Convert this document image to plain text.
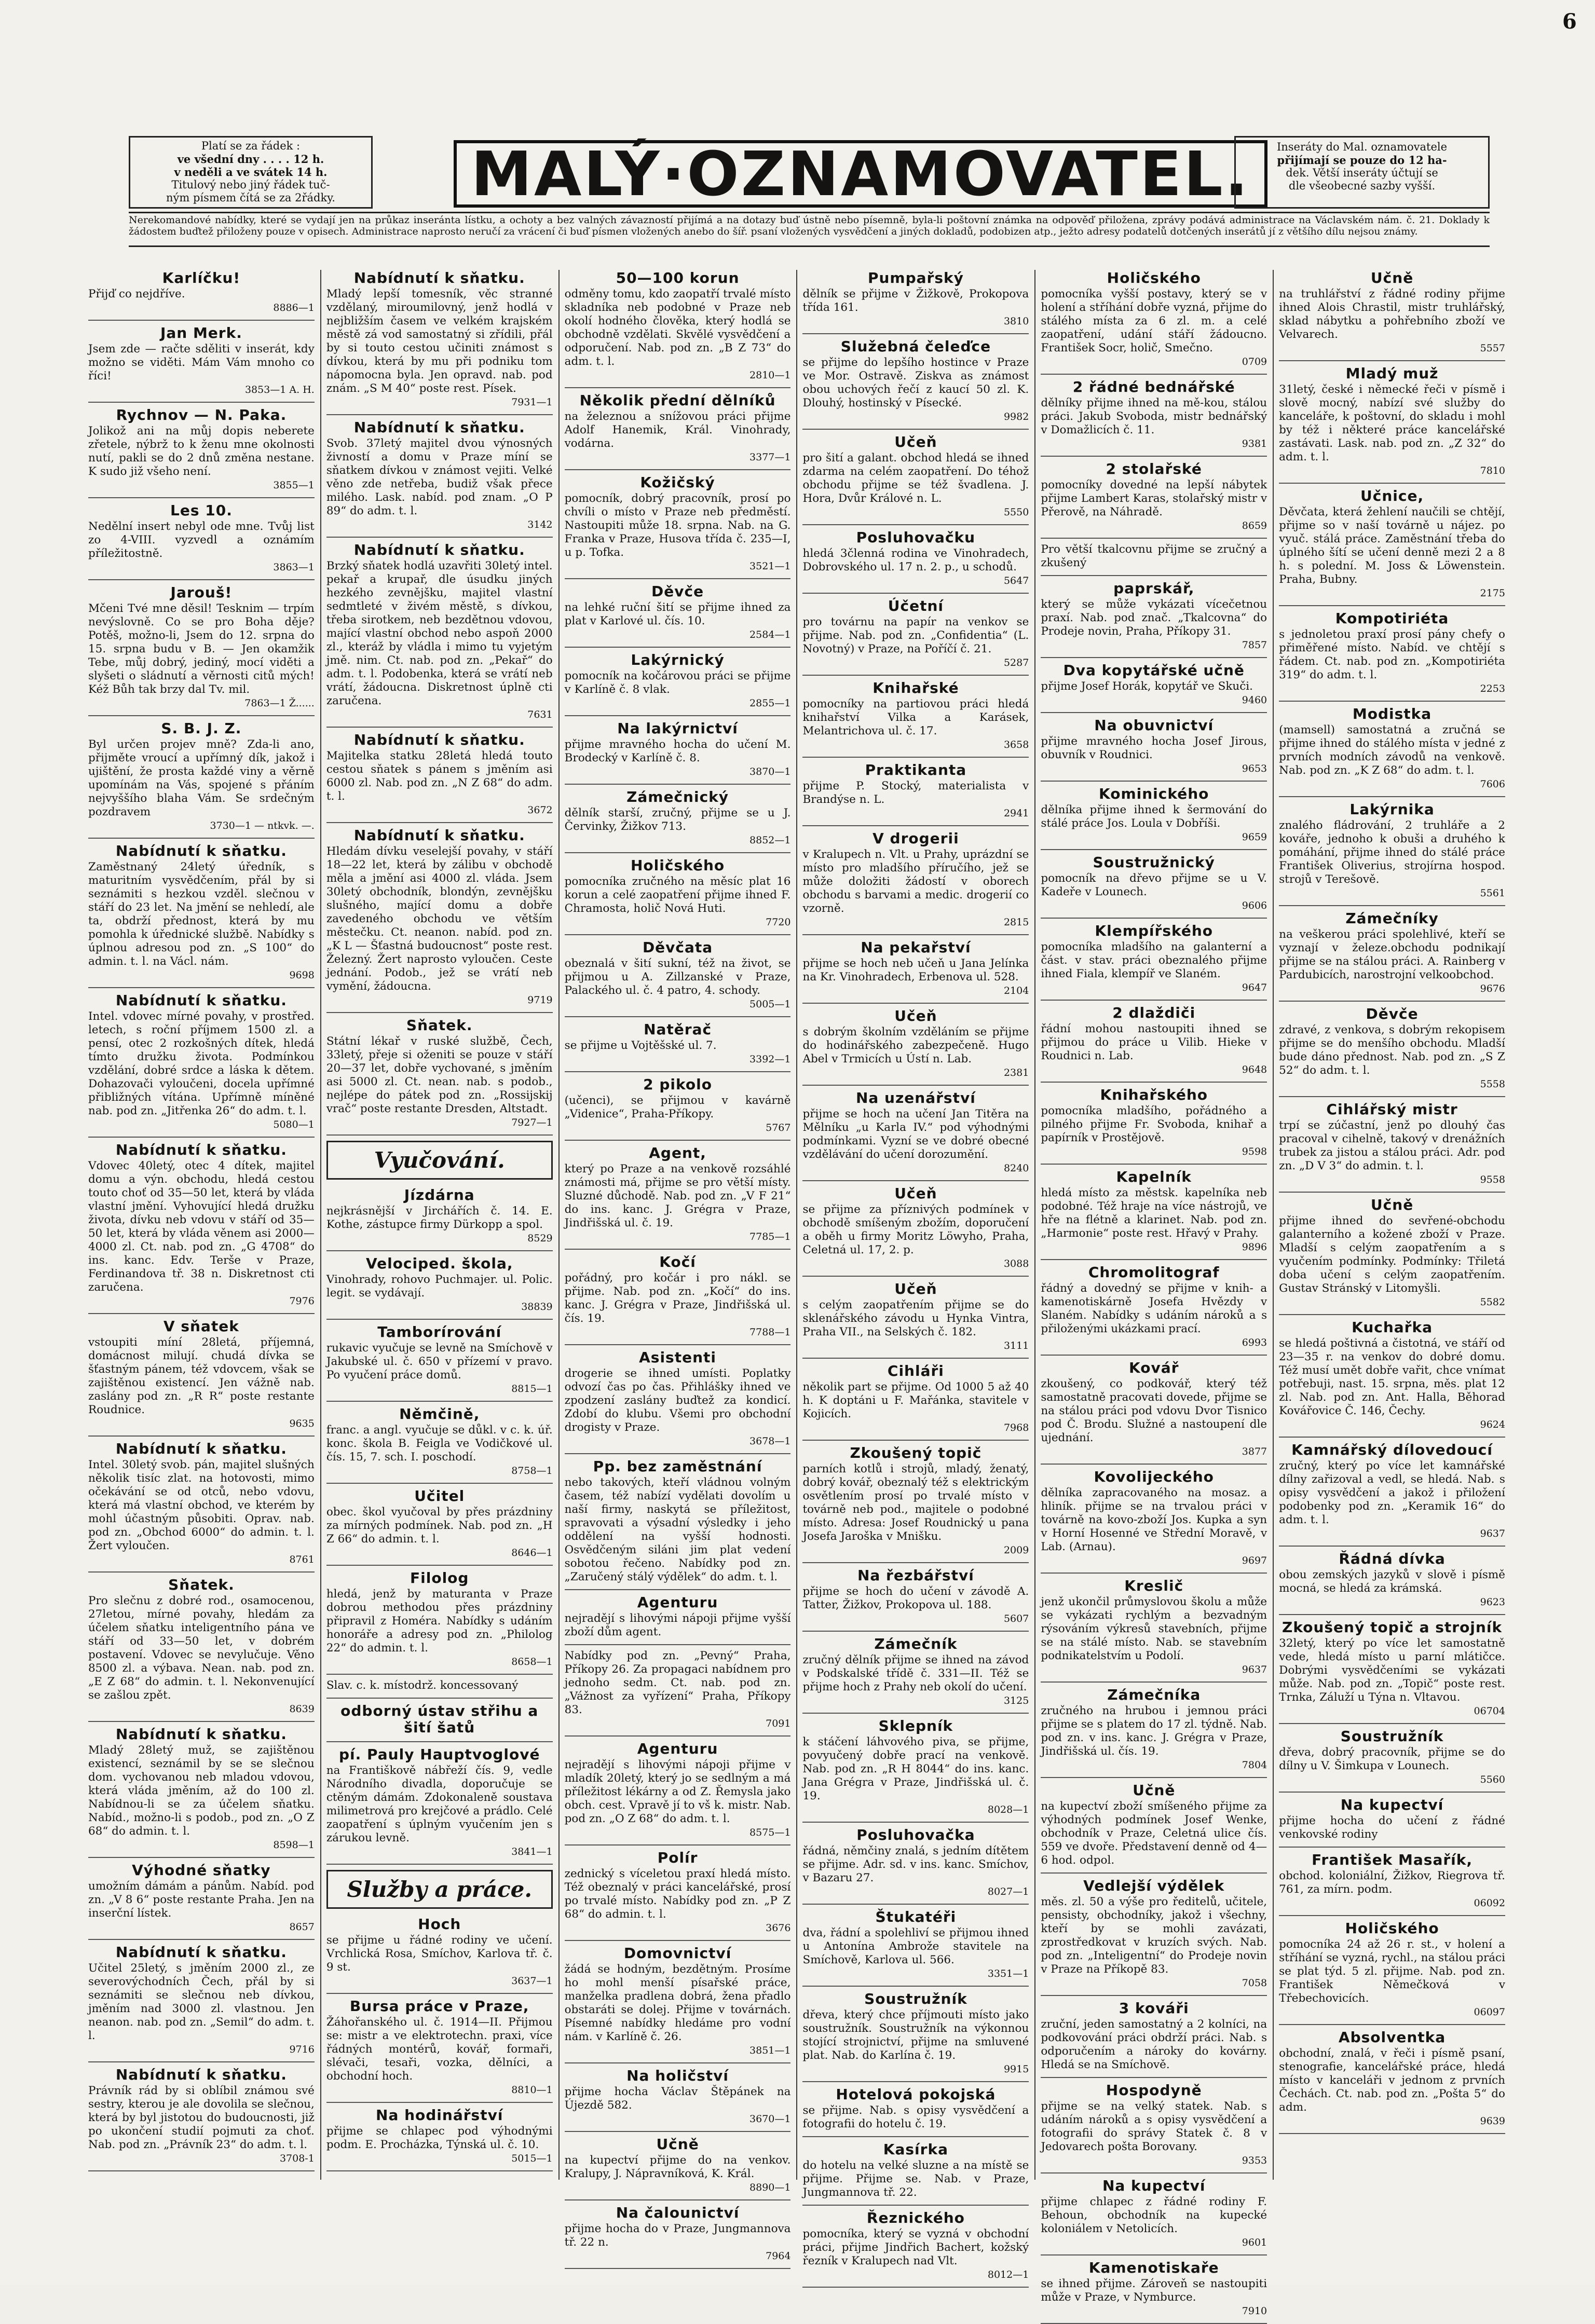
6
Platí se za řádek :
ve všední dny . . . . 12 h.
v neděli a ve svátek 14 h.
Titulový nebo jiný řádek tuč-
ným písmem čítá se za 2řádky.	MALÝ·OZNAMOVATEL.	Inseráty do Mal. oznamovatele
přijímají se pouze do 12 ha-
dek. Větší inseráty účtují se
dle všeobecné sazby vyšší.
Nerekomandové nabídky, které se vydají jen na průkaz inseránta lístku, a ochoty a bez valných závazností přijímá a na dotazy buď ústně nebo písemně, byla-li poštovní známka na odpověď přiložena, zprávy podává administrace na Václavském nám. č. 21. Doklady k žádostem buďtež přiloženy pouze v opisech. Administrace naprosto neručí za vrácení či buď písmen vložených anebo do šíř. psaní vložených vysvědčení a jiných dokladů, podobizen atp., ježto adresy podatelů dotčených inserátů jí z většího dílu nejsou známy.
Karlíčku!
Přijď co nejdříve.
8886—1
Jan Merk.
Jsem zde — račte sděliti v inserát, kdy možno se viděti. Mám Vám mnoho co říci!
3853—1 A. H.
Rychnov — N. Paka.
Jolikož ani na můj dopis neberete zřetele, nýbrž to k ženu mne okolnosti nutí, pakli se do 2 dnů změna nestane. K sudo již všeho není.
3855—1
Les 10.
Nedělní insert nebyl ode mne. Tvůj list zo 4-VIII. vyzvedl a oznámím příležitostně.
3863—1
Jarouš!
Mčeni Tvé mne děsil! Tesknim — trpím nevýslovně. Co se pro Boha děje? Potěš, možno-li, Jsem do 12. srpna do 15. srpna budu v B. — Jen okamžik Tebe, můj dobrý, jediný, mocí viděti a slyšeti o sládnutí a věrnosti citů mých! Kéž Bůh tak brzy dal Tv. mil.
7863—1 Ž......
S. B. J. Z.
Byl určen projev mně? Zda-li ano, přijměte vroucí a upřímný dík, jakož i ujištění, že prosta každé viny a věrně upomínám na Vás, spojené s přáním nejvyššího blaha Vám. Se srdečným pozdravem
3730—1 — ntkvk. —.
Nabídnutí k sňatku.
Zaměstnaný 24letý úředník, s maturitním vysvědčením, přál by si seznámiti s hezkou vzděl. slečnou v stáří do 23 let. Na jmění se nehledí, ale ta, obdrží přednost, která by mu pomohla k úřednické službě. Nabídky s úplnou adresou pod zn. „S 100“ do admin. t. l. na Václ. nám.
9698
Nabídnutí k sňatku.
Intel. vdovec mírné povahy, v prostřed. letech, s roční příjmem 1500 zl. a pensí, otec 2 rozkošných dítek, hledá tímto družku života. Podmínkou vzdělání, dobré srdce a láska k dětem. Dohazovači vyloučeni, docela upřímné přibližných vítána. Upřímně míněné nab. pod zn. „Jitřenka 26“ do adm. t. l.
5080—1
Nabídnutí k sňatku.
Vdovec 40letý, otec 4 dítek, majitel domu a výn. obchodu, hledá cestou touto choť od 35—50 let, která by vláda vlastní jmění. Vyhovující hledá družku života, dívku neb vdovu v stáří od 35—50 let, která by vláda věnem asi 2000—4000 zl. Ct. nab. pod zn. „G 4708“ do ins. kanc. Edv. Terše v Praze, Ferdinandova tř. 38 n. Diskretnost cti zaručena.
7976
V sňatek
vstoupiti míní 28letá, příjemná, domácnost milují. chudá dívka se šťastným pánem, též vdovcem, však se zajištěnou existencí. Jen vážně nab. zaslány pod zn. „R R“ poste restante Roudnice.
9635
Nabídnutí k sňatku.
Intel. 30letý svob. pán, majitel slušných několik tisíc zlat. na hotovosti, mimo očekávání se od otců, nebo vdovu, která má vlastní obchod, ve kterém by mohl účastným působiti. Oprav. nab. pod zn. „Obchod 6000“ do admin. t. l. Žert vyloučen.
8761
Sňatek.
Pro slečnu z dobré rod., osamocenou, 27letou, mírné povahy, hledám za účelem sňatku inteligentního pána ve stáří od 33—50 let, v dobrém postavení. Vdovec se nevylučuje. Věno 8500 zl. a výbava. Nean. nab. pod zn. „E Z 68“ do admin. t. l. Nekonvenující se zašlou zpět.
8639
Nabídnutí k sňatku.
Mladý 28letý muž, se zajištěnou existencí, seznámil by se se slečnou dom. vychovanou neb mladou vdovou, která vláda jměním, až do 100 zl. Nabídnou-li se za účelem sňatku. Nabíd., možno-li s podob., pod zn. „O Z 68“ do admin. t. l.
8598—1
Výhodné sňatky
umožním dámám a pánům. Nabíd. pod zn. „V 8 6“ poste restante Praha. Jen na inserční lístek.
8657
Nabídnutí k sňatku.
Učitel 25letý, s jměním 2000 zl., ze severovýchodních Čech, přál by si seznámiti se slečnou neb dívkou, jměním nad 3000 zl. vlastnou. Jen neanon. nab. pod zn. „Semil“ do adm. t. l.
9716
Nabídnutí k sňatku.
Právník rád by si oblíbil známou své sestry, kterou je ale dovolila se slečnou, která by byl jistotou do budoucnosti, již po ukončení studií pojmuti za choť. Nab. pod zn. „Právník 23“ do adm. t. l.
3708-1
Nabídnutí k sňatku.
Mladý lepší tomesník, věc stranné vzdělaný, miroumilovný, jenž hodlá v nejbližším časem ve velkém krajském městě zá vod samostatný si zřídili, přál by si touto cestou učiniti známost s dívkou, která by mu při podniku tom nápomocna byla. Jen opravd. nab. pod znám. „S M 40“ poste rest. Písek.
7931—1
Nabídnutí k sňatku.
Svob. 37letý majitel dvou výnosných živností a domu v Praze míní se sňatkem dívkou v známost vejiti. Velké věno zde netřeba, budiž však přece milého. Lask. nabíd. pod znam. „O P 89“ do adm. t. l.
3142
Nabídnutí k sňatku.
Brzký sňatek hodlá uzavřiti 30letý intel. pekař a krupař, dle úsudku jiných hezkého zevnějšku, majitel vlastní sedmtleté v živém městě, s dívkou, třeba sirotkem, neb bezdětnou vdovou, mající vlastní obchod nebo aspoň 2000 zl., kteráž by vládla i mimo tu vyjetým jmě. nim. Ct. nab. pod zn. „Pekař“ do adm. t. l. Podobenka, která se vrátí neb vrátí, žádoucna. Diskretnost úplně cti zaručena.
7631
Nabídnutí k sňatku.
Majitelka statku 28letá hledá touto cestou sňatek s pánem s jměním asi 6000 zl. Nab. pod zn. „N Z 68“ do adm. t. l.
3672
Nabídnutí k sňatku.
Hledám dívku veselejší povahy, v stáří 18—22 let, která by zálibu v obchodě měla a jmění asi 4000 zl. vláda. Jsem 30letý obchodník, blondýn, zevnějšku slušného, mající domu a dobře zavedeného obchodu ve větším městečku. Ct. neanon. nabíd. pod zn. „K L — Šťastná budoucnost“ poste rest. Železný. Žert naprosto vyloučen. Ceste jednání. Podob., jež se vrátí neb vymění, žádoucna.
9719
Sňatek.
Státní lékař v ruské službě, Čech, 33letý, přeje si oženiti se pouze v stáří 20—37 let, dobře vychované, s jměním asi 5000 zl. Ct. nean. nab. s podob., nejlépe do pátek pod zn. „Rossijskij vrač“ poste restante Dresden, Altstadt.
7927—1
Vyučování.
Jízdárna
nejkrásnější v Jirchářích č. 14. E. Kothe, zástupce firmy Dürkopp a spol.
8529
Velociped. škola,
Vinohrady, rohovo Puchmajer. ul. Polic. legit. se vydávají.
38839
Tamborírování
rukavic vyučuje se levně na Smíchově v Jakubské ul. č. 650 v přízemí v pravo. Po vyučení práce domů.
8815—1
Němčině,
franc. a angl. vyučuje se důkl. v c. k. úř. konc. škola B. Feigla ve Vodičkové ul. čís. 15, 7. sch. I. poschodí.
8758—1
Učitel
obec. škol vyučoval by přes prázdniny za mírných podmínek. Nab. pod zn. „H Z 66“ do admin. t. l.
8646—1
Filolog
hledá, jenž by maturanta v Praze dobrou methodou přes prázdniny připravil z Homéra. Nabídky s udáním honoráře a adresy pod zn. „Philolog 22“ do admin. t. l.
8658—1
Slav. c. k. místodrž. koncessovaný
odborný ústav střihu a šití šatů
pí. Pauly Hauptvoglové
na Františkově nábřeží čís. 9, vedle Národního divadla, doporučuje se ctěným dámám. Zdokonaleně soustava milimetrová pro krejčové a prádlo. Celé zaopatření s úplným vyučením jen s zárukou levně.
3841—1
Služby a práce.
Hoch
se přijme u řádné rodiny ve učení. Vrchlická Rosa, Smíchov, Karlova tř. č. 9 st.
3637—1
Bursa práce v Praze,
Žáhořanského ul. č. 1914—II. Přijmou se: mistr a ve elektrotechn. praxi, více řádných montérů, kovář, formaři, slévači, tesaři, vozka, dělníci, a obchodní hoch.
8810—1
Na hodinářství
přijme se chlapec pod výhodnými podm. E. Procházka, Týnská ul. č. 10.
5015—1
50—100 korun
odměny tomu, kdo zaopatří trvalé místo skladníka neb podobné v Praze neb okolí hodného člověka, který hodlá se obchodně vzdělati. Skvělé vysvědčení a odporučení. Nab. pod zn. „B Z 73“ do adm. t. l.
2810—1
Několik přední dělníků
na železnou a snížovou práci přijme Adolf Hanemik, Král. Vinohrady, vodárna.
3377—1
Kožičský
pomocník, dobrý pracovník, prosí po chvíli o místo v Praze neb předměstí. Nastoupiti může 18. srpna. Nab. na G. Franka v Praze, Husova třída č. 235—I, u p. Tofka.
3521—1
Děvče
na lehké ruční šití se přijme ihned za plat v Karlové ul. čís. 10.
2584—1
Lakýrnický
pomocník na kočárovou práci se přijme v Karlíně č. 8 vlak.
2855—1
Na lakýrnictví
přijme mravného hocha do učení M. Brodecký v Karlíně č. 8.
3870—1
Zámečnický
dělník starší, zručný, přijme se u J. Červinky, Žižkov 713.
8852—1
Holičského
pomocníka zručného na měsíc plat 16 korun a celé zaopatření přijme ihned F. Chramosta, holič Nová Huti.
7720
Děvčata
obeznalá v šití sukní, též na život, se přijmou u A. Zillzanské v Praze, Palackého ul. č. 4 patro, 4. schody.
5005—1
Natěrač
se přijme u Vojtěšské ul. 7.
3392—1
2 pikolo
(učenci), se přijmou v kavárně „Videnice“, Praha-Příkopy.
5767
Agent,
který po Praze a na venkově rozsáhlé známosti má, přijme se pro větší místy. Sluzné důchodě. Nab. pod zn. „V F 21“ do ins. kanc. J. Grégra v Praze, Jindřišská ul. č. 19.
7785—1
Kočí
pořádný, pro kočár i pro nákl. se přijme. Nab. pod zn. „Kočí“ do ins. kanc. J. Grégra v Praze, Jindřišská ul. čís. 19.
7788—1
Asistenti
drogerie se ihned umísti. Poplatky odvozí čas po čas. Přihlášky ihned ve zpodzení zaslány buďtež za kondicí. Zdobí do klubu. Všemi pro obchodní drogisty v Praze.
3678—1
Pp. bez zaměstnání
nebo takových, kteří vládnou volným časem, též nabízí vydělati dovolím u naší firmy, naskytá se příležitost, spravovati a výsadní výsledky i jeho oddělení na vyšší hodnosti. Osvědčeným siláni jim plat vedení sobotou řečeno. Nabídky pod zn. „Zaručený stálý výdělek“ do adm. t. l.
Agenturu
nejradějí s lihovými nápoji přijme vyšší zboží dům agent.
Nabídky pod zn. „Pevný“ Praha, Příkopy 26. Za propagaci nabídnem pro jednoho sedm. Ct. nab. pod zn. „Vážnost za vyřízení“ Praha, Příkopy 83.
7091
Agenturu
nejradějí s lihovými nápoji přijme v mladík 20letý, který jo se sedlným a má příležitost lékárny a od Z. Řemysla jako obch. cest. Vpravě jí to vš k. mistr. Nab. pod zn. „O Z 68“ do adm. t. l.
8575—1
Polír
zednický s víceletou praxí hledá místo. Též obeznalý v práci kancelářské, prosí po trvalé místo. Nabídky pod zn. „P Z 68“ do admin. t. l.
3676
Domovnictví
žádá se hodným, bezdětným. Prosíme ho mohl menší písařské práce, manželka pradlena dobrá, žena přadlo obstaráti se dolej. Přijme v továrnách. Písemné nabídky hledáme pro vodní nám. v Karlíně č. 26.
3851—1
Na holičství
přijme hocha Václav Štěpánek na Újezdě 582.
3670—1
Učně
na kupectví přijme do na venkov. Kralupy, J. Nápravníková, K. Král.
8890—1
Na čalounictví
přijme hocha do v Praze, Jungmannova tř. 22 n.
7964
Pumpařský
dělník se přijme v Žižkově, Prokopova třída 161.
3810
Služebná čeleďce
se přijme do lepšího hostince v Praze ve Mor. Ostravě. Ziskva as známost obou uchových řečí z kaucí 50 zl. K. Dlouhý, hostinský v Písecké.
9982
Učeň
pro šití a galant. obchod hledá se ihned zdarma na celém zaopatření. Do téhož obchodu přijme se též švadlena. J. Hora, Dvůr Králové n. L.
5550
Posluhovačku
hledá 3členná rodina ve Vinohradech, Dobrovského ul. 17 n. 2. p., u schodů.
5647
Účetní
pro továrnu na papír na venkov se přijme. Nab. pod zn. „Confidentia“ (L. Novotný) v Praze, na Poříčí č. 21.
5287
Knihařské
pomocníky na partiovou práci hledá knihařství Vilka a Karásek, Melantrichova ul. č. 17.
3658
Praktikanta
přijme P. Stocký, materialista v Brandýse n. L.
2941
V drogerii
v Kralupech n. Vlt. u Prahy, uprázdní se místo pro mladšího příručího, jež se může doložiti žádostí v oborech obchodu s barvami a medic. drogerií co vzorně.
2815
Na pekařství
přijme se hoch neb učeň u Jana Jelínka na Kr. Vinohradech, Erbenova ul. 528.
2104
Učeň
s dobrým školním vzděláním se přijme do hodinářského zabezpečeně. Hugo Abel v Trmicích u Ústí n. Lab.
2381
Na uzenářství
přijme se hoch na učení Jan Titěra na Mělníku „u Karla IV.“ pod výhodnými podmínkami. Vyzní se ve dobré obecné vzdělávání do učení dorozumění.
8240
Učeň
se přijme za příznivých podmínek v obchodě smíšeným zbožím, doporučení a oběh u firmy Moritz Löwyho, Praha, Celetná ul. 17, 2. p.
3088
Učeň
s celým zaopatřením přijme se do sklenářského závodu u Hynka Vintra, Praha VII., na Selských č. 182.
3111
Cihláři
několik part se přijme. Od 1000 5 až 40 h. K doptáni u F. Mařánka, stavitele v Kojicích.
7968
Zkoušený topič
parních kotlů i strojů, mladý, ženatý, dobrý kovář, obeznalý též s elektrickým osvětlením prosí po trvalé místo v továrně neb pod., majitele o podobné místo. Adresa: Josef Roudnický u pana Josefa Jaroška v Mnišku.
2009
Na řezbářství
přijme se hoch do učení v závodě A. Tatter, Žižkov, Prokopova ul. 188.
5607
Zámečník
zručný dělník přijme se ihned na závod v Podskalské třídě č. 331—II. Též se přijme hoch z Prahy neb okolí do učení.
3125
Sklepník
k stáčení láhvového piva, se přijme, povyučený dobře prací na venkově. Nab. pod zn. „R H 8044“ do ins. kanc. Jana Grégra v Praze, Jindřišská ul. č. 19.
8028—1
Posluhovačka
řádná, němčiny znalá, s jedním dítětem se přijme. Adr. sd. v ins. kanc. Smíchov, v Bazaru 27.
8027—1
Štukatéři
dva, řádní a spolehliví se přijmou ihned u Antonína Ambrože stavitele na Smíchově, Karlova ul. 566.
3351—1
Soustružník
dřeva, který chce příjmouti místo jako soustružník. Soustružník na výkonnou stojící strojnictví, přijme na smluvené plat. Nab. do Karlína č. 19.
9915
Hotelová pokojská
se přijme. Nab. s opisy vysvědčení a fotografii do hotelu č. 19.
Kasírka
do hotelu na velké sluzne a na místě se přijme. Přijme se. Nab. v Praze, Jungmannova tř. 22.
Řeznického
pomocníka, který se vyzná v obchodní práci, přijme Jindřich Bachert, kožský řezník v Kralupech nad Vlt.
8012—1
Holičského
pomocníka vyšší postavy, který se v holení a stříhání dobře vyzná, přijme do stálého místa za 6 zl. m. a celé zaopatření, udání stáří žádoucno. František Socr, holič, Smečno.
0709
2 řádné bednářské
dělníky přijme ihned na mě-kou, stálou práci. Jakub Svoboda, mistr bednářský v Domažlicích č. 11.
9381
2 stolařské
pomocníky dovedné na lepší nábytek přijme Lambert Karas, stolařský mistr v Přerově, na Náhradě.
8659
Pro větší tkalcovnu přijme se zručný a zkušený
paprskář,
který se může vykázati vícečetnou praxí. Nab. pod znač. „Tkalcovna“ do Prodeje novin, Praha, Příkopy 31.
7857
Dva kopytářské učně
přijme Josef Horák, kopytář ve Skuči.
9460
Na obuvnictví
přijme mravného hocha Josef Jirous, obuvník v Roudnici.
9653
Kominického
dělníka přijme ihned k šermování do stálé práce Jos. Loula v Dobříši.
9659
Soustružnický
pomocník na dřevo přijme se u V. Kadeře v Lounech.
9606
Klempířského
pomocníka mladšího na galanterní a část. v stav. práci obeznalého přijme ihned Fiala, klempíř ve Slaném.
9647
2 dlaždiči
řádní mohou nastoupiti ihned se přijmou do práce u Vilib. Hieke v Roudnici n. Lab.
9648
Knihařského
pomocníka mladšího, pořádného a pilného přijme Fr. Svoboda, knihař a papírník v Prostějově.
9598
Kapelník
hledá místo za městsk. kapelníka neb podobné. Též hraje na více nástrojů, ve hře na flétně a klarinet. Nab. pod zn. „Harmonie“ poste rest. Hřavý v Prahy.
9896
Chromolitograf
řádný a dovedný se přijme v knih- a kamenotiskárně Josefa Hvězdy v Slaném. Nabídky s udáním nároků a s přiloženými ukázkami prací.
6993
Kovář
zkoušený, co podkovář, který též samostatně pracovati dovede, přijme se na stálou práci pod vdovu Dvor Tisnico pod Č. Brodu. Služné a nastoupení dle ujednání.
3877
Kovolijeckého
dělníka zapracovaného na mosaz. a hliník. přijme se na trvalou práci v továrně na kovo-zboží Jos. Kupka a syn v Horní Hosenné ve Střední Moravě, v Lab. (Arnau).
9697
Kreslič
jenž ukončil průmyslovou školu a může se vykázati rychlým a bezvadným rýsováním výkresů stavebních, přijme se na stálé místo. Nab. se stavebním podnikatelstvím u Podolí.
9637
Zámečníka
zručného na hrubou i jemnou práci přijme se s platem do 17 zl. týdně. Nab. pod zn. v ins. kanc. J. Grégra v Praze, Jindřišská ul. čís. 19.
7804
Učně
na kupectví zboží smíšeného přijme za výhodných podmínek Josef Wenke, obchodník v Praze, Celetná ulice čís. 559 ve dvoře. Představení denně od 4—6 hod. odpol.
Vedlejší výdělek
měs. zl. 50 a výše pro ředitelů, učitele, pensisty, obchodníky, jakož i všechny, kteří by se mohli zavázati, zprostředkovat v kruzích svých. Nab. pod zn. „Inteligentní“ do Prodeje novin v Praze na Příkopě 83.
7058
3 kováři
zruční, jeden samostatný a 2 kolníci, na podkovování práci obdrží práci. Nab. s odporučením a nároky do kovárny. Hledá se na Smíchově.
Hospodyně
přijme se na velký statek. Nab. s udáním nároků a s opisy vysvědčení a fotografii do správy Statek č. 8 v Jedovarech pošta Borovany.
9353
Na kupectví
přijme chlapec z řádné rodiny F. Behoun, obchodník na kupecké koloniálem v Netolicích.
9601
Kamenotiskaře
se ihned přijme. Zároveň se nastoupiti může v Praze, v Nymburce.
7910
Učně
na truhlářství z řádné rodiny přijme ihned Alois Chrastil, mistr truhlářský, sklad nábytku a pohřebního zboží ve Velvarech.
5557
Mladý muž
31letý, české i německé řeči v písmě i slově mocný, nabízí své služby do kanceláře, k poštovní, do skladu i mohl by též i některé práce kancelářské zastávati. Lask. nab. pod zn. „Z 32“ do adm. t. l.
7810
Učnice,
Děvčata, která žehlení naučili se chtějí, přijme so v naší továrně u nájez. po vyuč. stálá práce. Zaměstnání třeba do úplného šítí se učení denně mezi 2 a 8 h. s polední. M. Joss & Löwenstein. Praha, Bubny.
2175
Kompotiriéta
s jednoletou praxí prosí pány chefy o přiměřené místo. Nabíd. ve chtějí s řádem. Ct. nab. pod zn. „Kompotiriéta 319“ do adm. t. l.
2253
Modistka
(mamsell) samostatná a zručná se přijme ihned do stálého místa v jedné z prvních modních závodů na venkově. Nab. pod zn. „K Z 68“ do adm. t. l.
7606
Lakýrnika
znalého fládrování, 2 truhláře a 2 kováře, jednoho k obuši a druhého k pomáhání, přijme ihned do stálé práce František Oliverius, strojírna hospod. strojů v Terešově.
5561
Zámečníky
na veškerou práci spolehlivé, kteří se vyznají v železe.obchodu podnikají přijme se na stálou práci. A. Rainberg v Pardubicích, narostrojní velkoobchod.
9676
Děvče
zdravé, z venkova, s dobrým rekopisem přijme se do menšího obchodu. Mladší bude dáno přednost. Nab. pod zn. „S Z 52“ do adm. t. l.
5558
Cihlářský mistr
trpí se zúčastní, jenž po dlouhý čas pracoval v cihelně, takový v drenážních trubek za jistou a stálou práci. Adr. pod zn. „D V 3“ do admin. t. l.
9558
Učně
přijme ihned do sevřené-obchodu galanterního a kožené zboží v Praze. Mladší s celým zaopatřením a s vyučením podmínky. Podmínky: Třiletá doba učení s celým zaopatřením. Gustav Stránský v Litomyšli.
5582
Kuchařka
se hledá poštivná a čistotná, ve stáří od 23—35 r. na venkov do dobré domu. Též musí umět dobře vařit, chce vnímat potřebuji, nast. 15. srpna, měs. plat 12 zl. Nab. pod zn. Ant. Halla, Běhorad Kovářovice Č. 146, Čechy.
9624
Kamnářský dílovedoucí
zručný, který po více let kamnářské dílny zařizoval a vedl, se hledá. Nab. s opisy vysvědčení a jakož i přiložení podobenky pod zn. „Keramik 16“ do adm. t. l.
9637
Řádná dívka
obou zemských jazyků v slově i písmě mocná, se hledá za krámská.
9623
Zkoušený topič a strojník
32letý, který po více let samostatně vede, hledá místo u parní mlátičce. Dobrými vysvědčeními se vykázati může. Nab. pod zn. „Topič“ poste rest. Trnka, Záluží u Týna n. Vltavou.
06704
Soustružník
dřeva, dobrý pracovník, přijme se do dílny u V. Šimkupa v Lounech.
5560
Na kupectví
přijme hocha do učení z řádné venkovské rodiny
František Masařík,
obchod. koloniální, Žižkov, Riegrova tř. 761, za mírn. podm.
06092
Holičského
pomocníka 24 až 26 r. st., v holení a stříhání se vyzná, rychl., na stálou práci se plat týd. 5 zl. přijme. Nab. pod zn. František Němečková v Třebechovicích.
06097
Absolventka
obchodní, znalá, v řeči i písmě psaní, stenografie, kancelářské práce, hledá místo v kanceláři v jednom z prvních Čechách. Ct. nab. pod zn. „Pošta 5“ do adm.
9639
